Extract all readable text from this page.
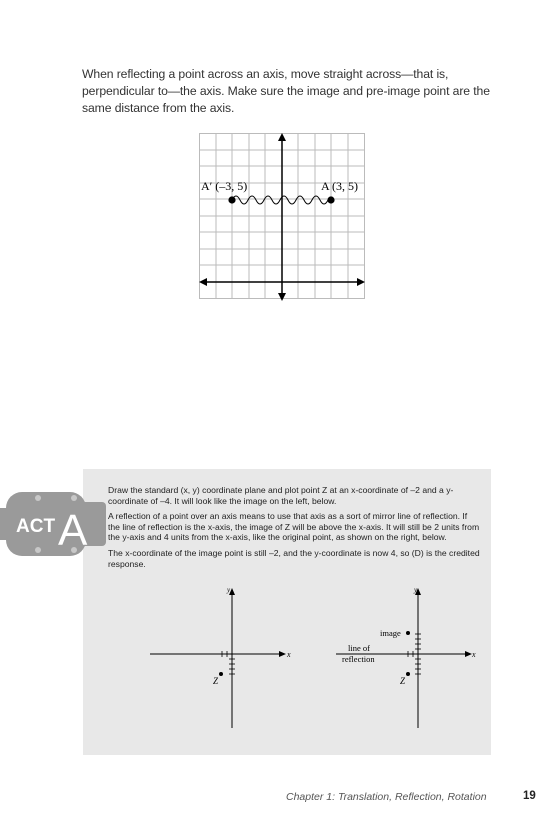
When reflecting a point across an axis, move straight across—that is, perpendicular to—the axis. Make sure the image and pre-image point are the same distance from the axis.
A′ (–3, 5)	A (3, 5)
ACT A

Draw the standard (x, y) coordinate plane and plot point Z at an x-coordinate of –2 and a y-coordinate of –4. It will look like the image on the left, below.

A reflection of a point over an axis means to use that axis as a sort of mirror line of reflection. If the line of reflection is the x-axis, the image of Z will be above the x-axis. It will still be 2 units from the y-axis and 4 units from the x-axis, like the original point, as shown on the right, below.

The x-coordinate of the image point is still –2, and the y-coordinate is now 4, so (D) is the credited response.

y
x
Z
y
x
image
line of
reflection
Z
Chapter 1: Translation, Reflection, Rotation	19
